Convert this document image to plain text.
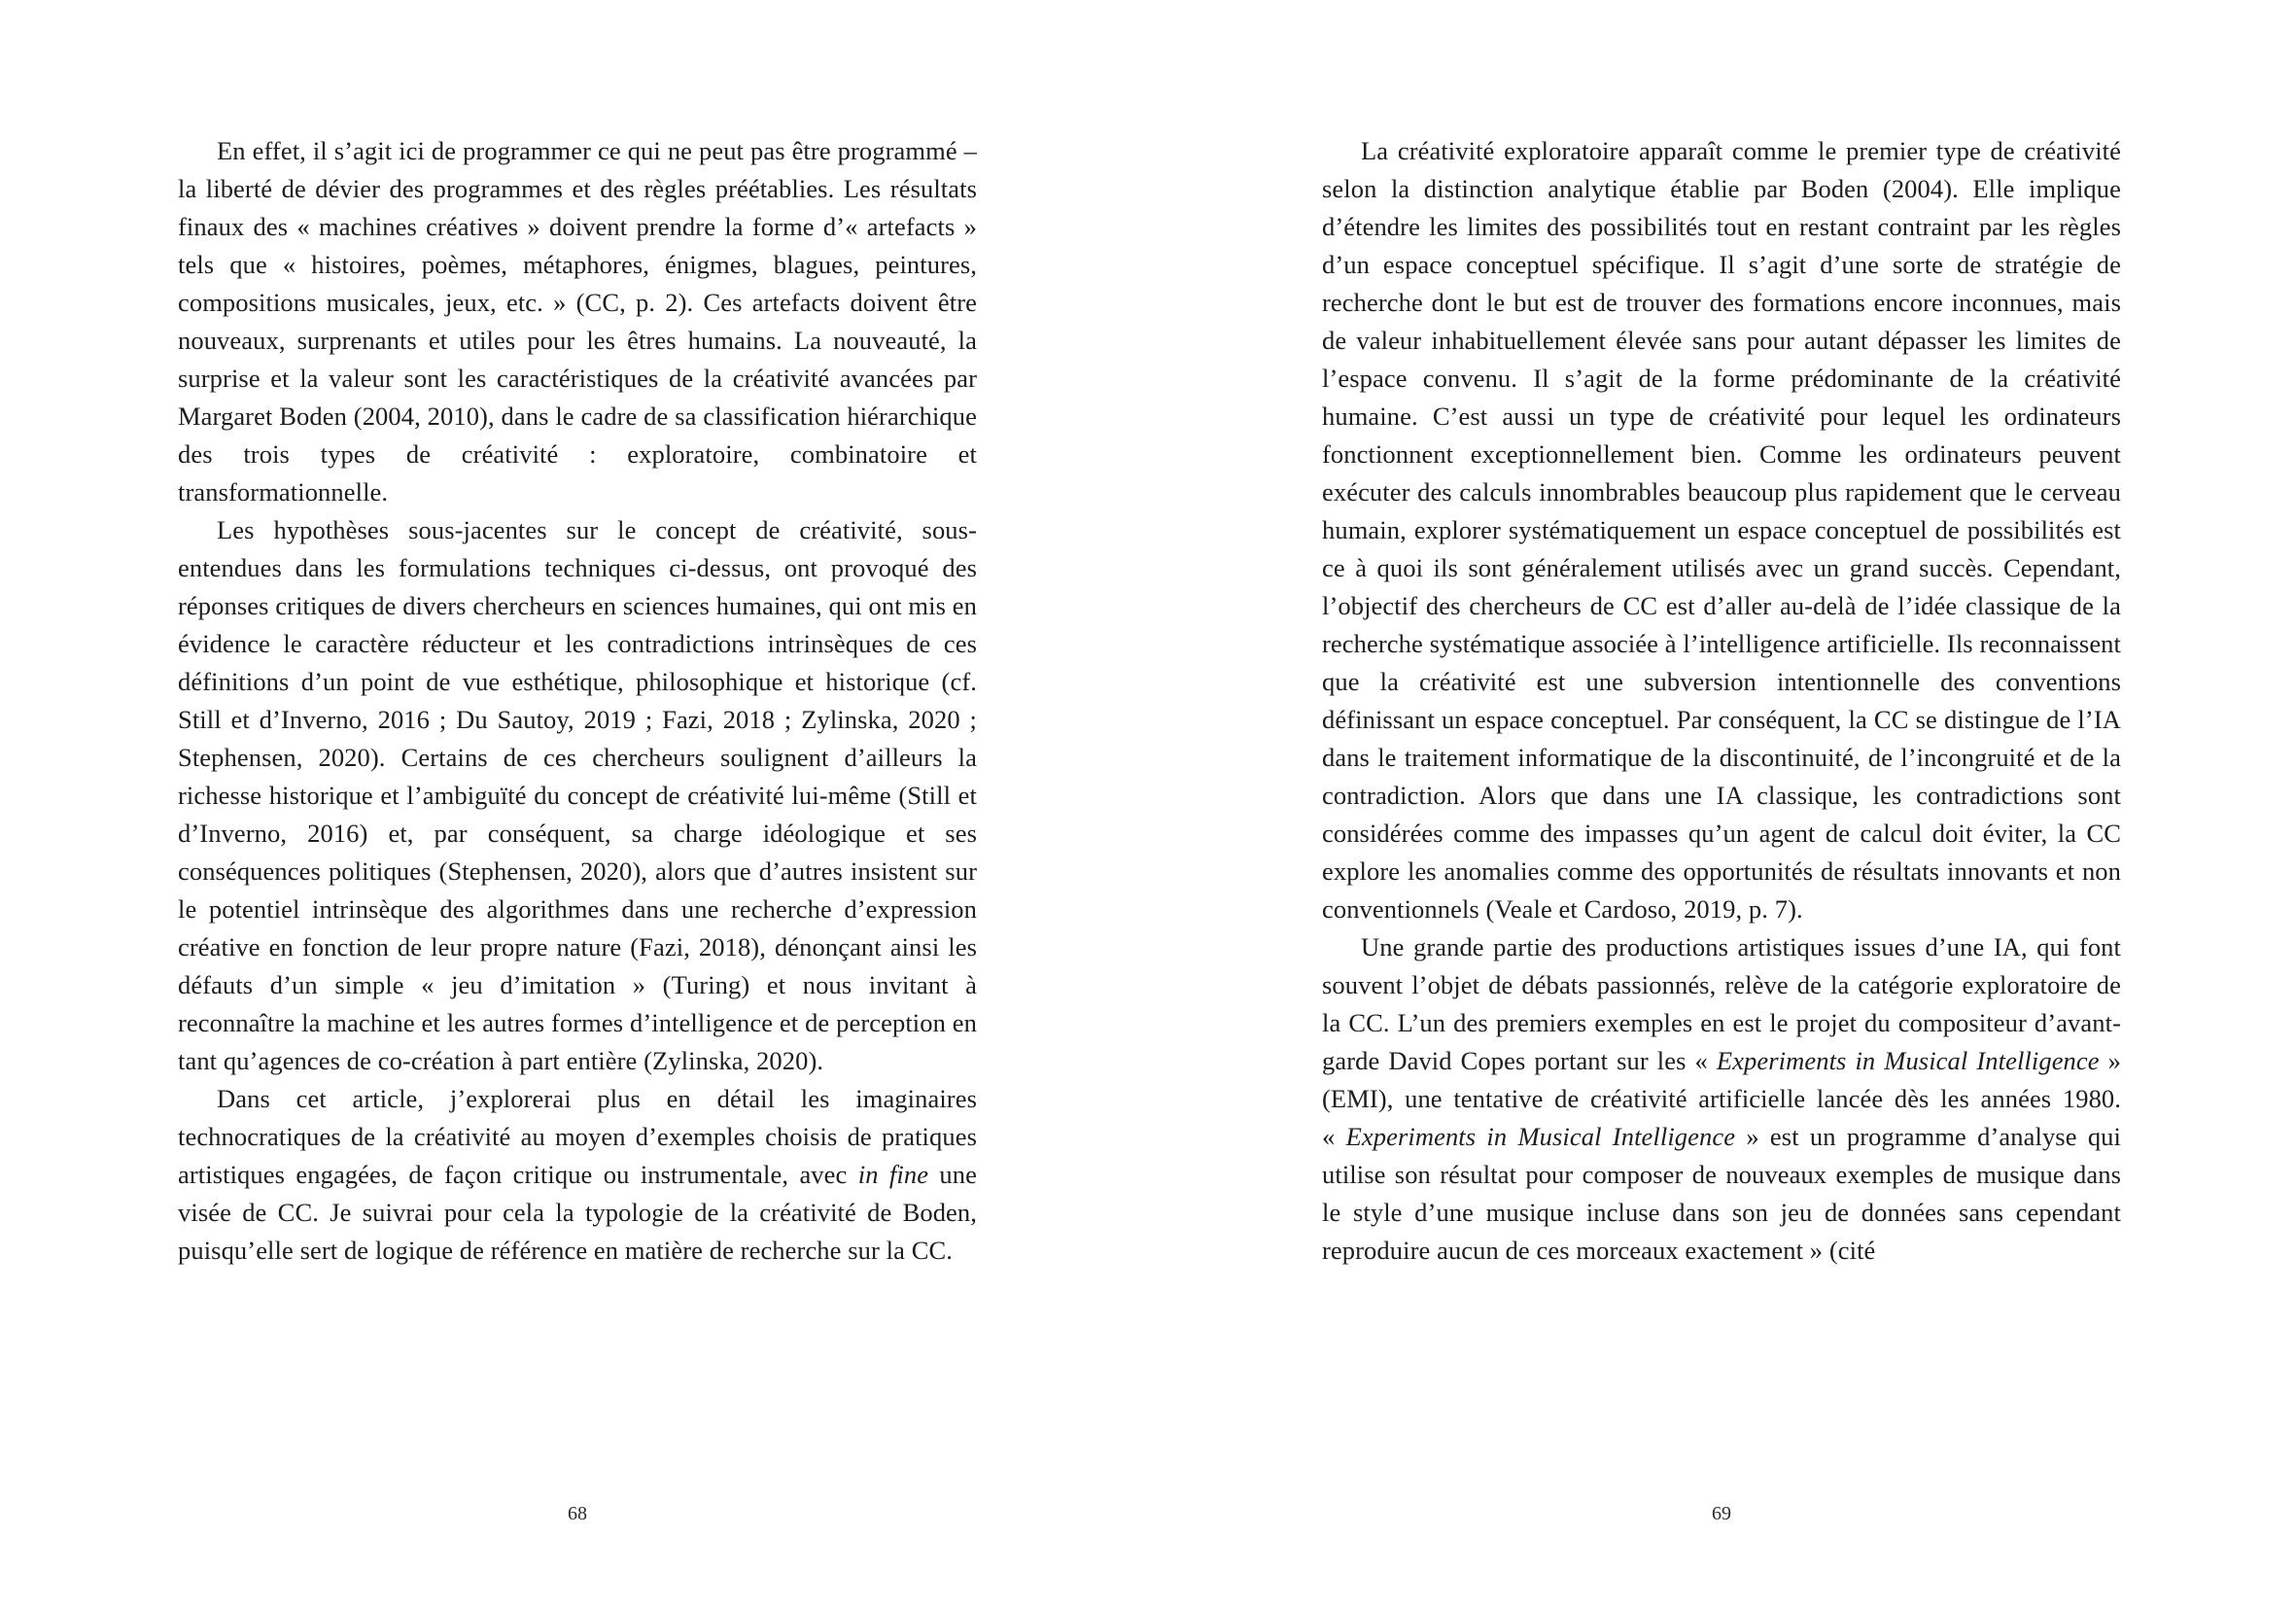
En effet, il s’agit ici de programmer ce qui ne peut pas être programmé – la liberté de dévier des programmes et des règles préétablies. Les résultats finaux des « machines créatives » doivent prendre la forme d’« artefacts » tels que « histoires, poèmes, métaphores, énigmes, blagues, peintures, compositions musicales, jeux, etc. » (CC, p. 2). Ces artefacts doivent être nouveaux, surprenants et utiles pour les êtres humains. La nouveauté, la surprise et la valeur sont les caractéristiques de la créativité avancées par Margaret Boden (2004, 2010), dans le cadre de sa classification hiérarchique des trois types de créativité : exploratoire, combinatoire et transformationnelle.

Les hypothèses sous-jacentes sur le concept de créativité, sous-entendues dans les formulations techniques ci-dessus, ont provoqué des réponses critiques de divers chercheurs en sciences humaines, qui ont mis en évidence le caractère réducteur et les contradictions intrinsèques de ces définitions d’un point de vue esthétique, philosophique et historique (cf. Still et d’Inverno, 2016 ; Du Sautoy, 2019 ; Fazi, 2018 ; Zylinska, 2020 ; Stephensen, 2020). Certains de ces chercheurs soulignent d’ailleurs la richesse historique et l’ambiguïté du concept de créativité lui-même (Still et d’Inverno, 2016) et, par conséquent, sa charge idéologique et ses conséquences politiques (Stephensen, 2020), alors que d’autres insistent sur le potentiel intrinsèque des algorithmes dans une recherche d’expression créative en fonction de leur propre nature (Fazi, 2018), dénonçant ainsi les défauts d’un simple « jeu d’imitation » (Turing) et nous invitant à reconnaître la machine et les autres formes d’intelligence et de perception en tant qu’agences de co-création à part entière (Zylinska, 2020).

Dans cet article, j’explorerai plus en détail les imaginaires technocratiques de la créativité au moyen d’exemples choisis de pratiques artistiques engagées, de façon critique ou instrumentale, avec in fine une visée de CC. Je suivrai pour cela la typologie de la créativité de Boden, puisqu’elle sert de logique de référence en matière de recherche sur la CC.

68

La créativité exploratoire apparaît comme le premier type de créativité selon la distinction analytique établie par Boden (2004). Elle implique d’étendre les limites des possibilités tout en restant contraint par les règles d’un espace conceptuel spécifique. Il s’agit d’une sorte de stratégie de recherche dont le but est de trouver des formations encore inconnues, mais de valeur inhabituellement élevée sans pour autant dépasser les limites de l’espace convenu. Il s’agit de la forme prédominante de la créativité humaine. C’est aussi un type de créativité pour lequel les ordinateurs fonctionnent exceptionnellement bien. Comme les ordinateurs peuvent exécuter des calculs innombrables beaucoup plus rapidement que le cerveau humain, explorer systématiquement un espace conceptuel de possibilités est ce à quoi ils sont généralement utilisés avec un grand succès. Cependant, l’objectif des chercheurs de CC est d’aller au-delà de l’idée classique de la recherche systématique associée à l’intelligence artificielle. Ils reconnaissent que la créativité est une subversion intentionnelle des conventions définissant un espace conceptuel. Par conséquent, la CC se distingue de l’IA dans le traitement informatique de la discontinuité, de l’incongruité et de la contradiction. Alors que dans une IA classique, les contradictions sont considérées comme des impasses qu’un agent de calcul doit éviter, la CC explore les anomalies comme des opportunités de résultats innovants et non conventionnels (Veale et Cardoso, 2019, p. 7).

Une grande partie des productions artistiques issues d’une IA, qui font souvent l’objet de débats passionnés, relève de la catégorie exploratoire de la CC. L’un des premiers exemples en est le projet du compositeur d’avant-garde David Copes portant sur les « Experiments in Musical Intelligence » (EMI), une tentative de créativité artificielle lancée dès les années 1980. « Experiments in Musical Intelligence » est un programme d’analyse qui utilise son résultat pour composer de nouveaux exemples de musique dans le style d’une musique incluse dans son jeu de données sans cependant reproduire aucun de ces morceaux exactement » (cité

69
